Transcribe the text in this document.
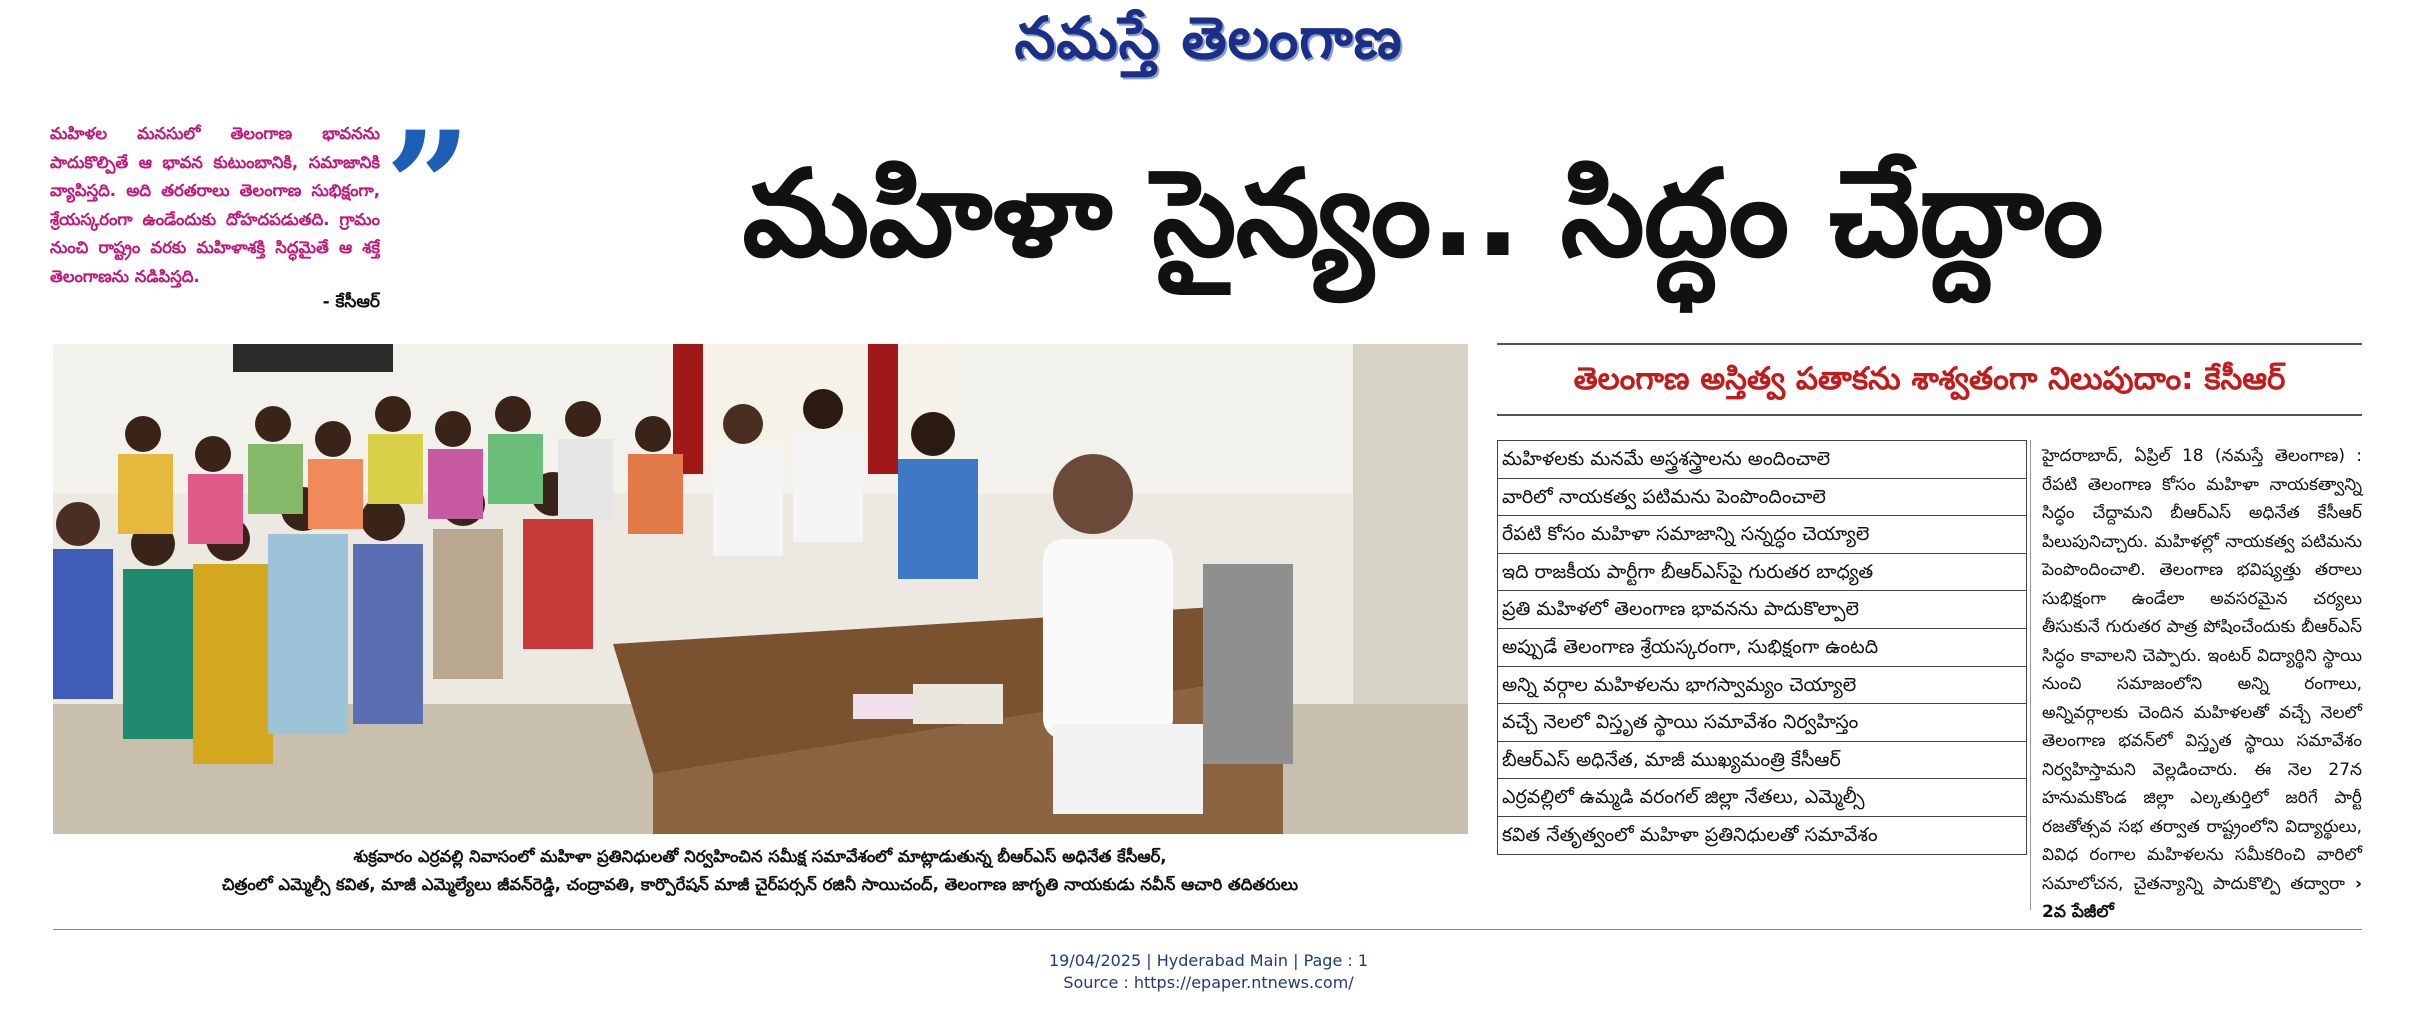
నమస్తే తెలంగాణ
మహిళల మనసులో తెలంగాణ భావనను పాదుకొల్పితే ఆ భావన కుటుంబానికి, సమాజానికి వ్యాపిస్తది. అది తరతరాలు తెలంగాణ సుభిక్షంగా, శ్రేయస్కరంగా ఉండేందుకు దోహదపడుతది. గ్రామం నుంచి రాష్ట్రం వరకు మహిళాశక్తి సిద్ధమైతే ఆ శక్తే తెలంగాణను నడిపిస్తది.
- కేసీఆర్
”	మహిళా సైన్యం.. సిద్ధం చేద్దాం
శుక్రవారం ఎర్రవల్లి నివాసంలో మహిళా ప్రతినిధులతో నిర్వహించిన సమీక్ష సమావేశంలో మాట్లాడుతున్న బీఆర్ఎస్ అధినేత కేసీఆర్,
చిత్రంలో ఎమ్మెల్సీ కవిత, మాజీ ఎమ్మెల్యేలు జీవన్‌రెడ్డి, చంద్రావతి, కార్పొరేషన్ మాజీ చైర్‌పర్సన్ రజినీ సాయిచంద్, తెలంగాణ జాగృతి నాయకుడు నవీన్ ఆచారి తదితరులు
తెలంగాణ అస్తిత్వ పతాకను శాశ్వతంగా నిలుపుదాం: కేసీఆర్
మహిళలకు మనమే అస్త్రశస్త్రాలను అందించాలె
వారిలో నాయకత్వ పటిమను పెంపొందించాలె
రేపటి కోసం మహిళా సమాజాన్ని సన్నద్ధం చెయ్యాలె
ఇది రాజకీయ పార్టీగా బీఆర్ఎస్‌పై గురుతర బాధ్యత
ప్రతి మహిళలో తెలంగాణ భావనను పాదుకొల్పాలె
అప్పుడే తెలంగాణ శ్రేయస్కరంగా, సుభిక్షంగా ఉంటది
అన్ని వర్గాల మహిళలను భాగస్వామ్యం చెయ్యాలె
వచ్చే నెలలో విస్తృత స్థాయి సమావేశం నిర్వహిస్తం
బీఆర్ఎస్ అధినేత, మాజీ ముఖ్యమంత్రి కేసీఆర్
ఎర్రవల్లిలో ఉమ్మడి వరంగల్ జిల్లా నేతలు, ఎమ్మెల్సీ
కవిత నేతృత్వంలో మహిళా ప్రతినిధులతో సమావేశం
హైదరాబాద్, ఏప్రిల్ 18 (నమస్తే తెలంగాణ) : రేపటి తెలంగాణ కోసం మహిళా నాయకత్వాన్ని సిద్ధం చేద్దామని బీఆర్ఎస్ అధినేత కేసీఆర్ పిలుపునిచ్చారు. మహిళల్లో నాయకత్వ పటిమను పెంపొందించాలి. తెలంగాణ భవిష్యత్తు తరాలు సుభిక్షంగా ఉండేలా అవసరమైన చర్యలు తీసుకునే గురుతర పాత్ర పోషించేందుకు బీఆర్ఎస్ సిద్ధం కావాలని చెప్పారు. ఇంటర్ విద్యార్థిని స్థాయి నుంచి సమాజంలోని అన్ని రంగాలు, అన్నివర్గాలకు చెందిన మహిళలతో వచ్చే నెలలో తెలంగాణ భవన్‌లో విస్తృత స్థాయి సమావేశం నిర్వహిస్తామని వెల్లడించారు. ఈ నెల 27న హనుమకొండ జిల్లా ఎల్కతుర్తిలో జరిగే పార్టీ రజతోత్సవ సభ తర్వాత రాష్ట్రంలోని విద్యార్థులు, వివిధ రంగాల మహిళలను సమీకరించి వారిలో సమాలోచన, చైతన్యాన్ని పాదుకొల్పి తద్వారా › 2వ పేజీలో
19/04/2025 | Hyderabad Main | Page : 1
Source : https://epaper.ntnews.com/
